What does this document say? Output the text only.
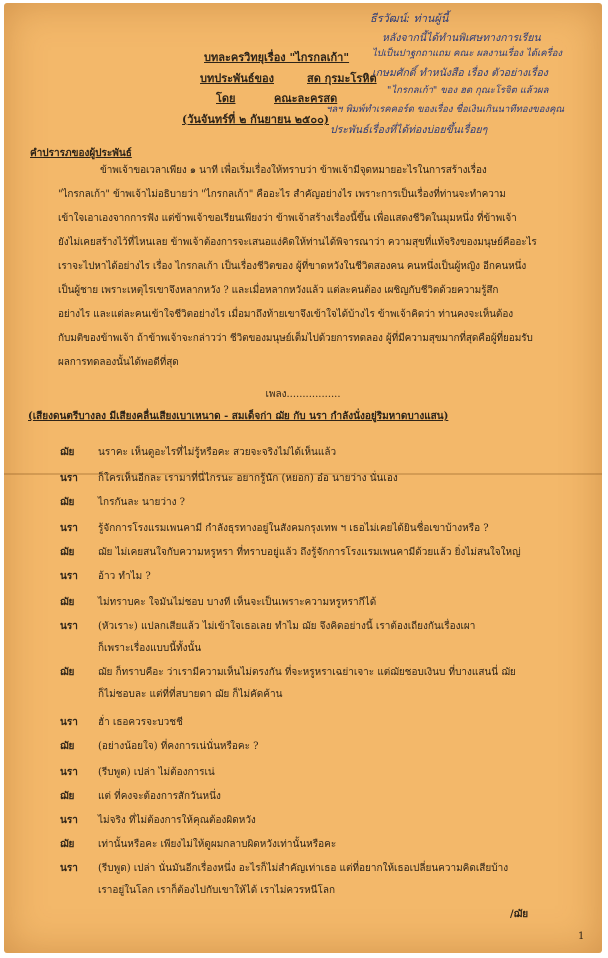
ธีรวัฒน์: ท่านผู้นี้
หลังจากนี้ได้ทำนพิเศษทางการเรียน
ไปเป็นปาฐกถาแถม คณะ ผลงานเรื่อง ได้เครื่อง
เกษมศักดิ์ ทำหนังสือ เรื่อง ตัวอย่างเรื่อง
"ไกรกลเก้า" ของ ฮด กุณะโรจิต แล้วผล
ฯลฯ พิมพ์ทำเรคคอร์ด ของเรื่อง ชื่อเงินเกินนาทีทองของคุณ
ประพันธ์เรื่องที่ได้ท่องบ่อยขึ้นเรื่อยๆ
บทละครวิทยุเรื่อง "ไกรกลเก้า"
บทประพันธ์ของ	สด กุรมะโรหิต
โดย	คณะละครสด
(วันจันทร์ที่ ๒ กันยายน ๒๕๐๐)
คำปรารภของผู้ประพันธ์
ข้าพเจ้าขอเวลาเพียง ๑ นาที เพื่อเริ่มเรื่องให้ทราบว่า ข้าพเจ้ามีจุดหมายอะไรในการสร้างเรื่อง
"ไกรกลเก้า" ข้าพเจ้าไม่อธิบายว่า "ไกรกลเก้า" คืออะไร สำคัญอย่างไร เพราะการเป็นเรื่องที่ท่านจะทำความ
เข้าใจเอาเองจากการฟัง แต่ข้าพเจ้าขอเรียนเพียงว่า ข้าพเจ้าสร้างเรื่องนี้ขึ้น เพื่อแสดงชีวิตในมุมหนึ่ง ที่ข้าพเจ้า
ยังไม่เคยสร้างไว้ที่ไหนเลย ข้าพเจ้าต้องการจะเสนอแง่คิดให้ท่านได้พิจารณาว่า ความสุขที่แท้จริงของมนุษย์คืออะไร
เราจะไปหาได้อย่างไร เรื่อง ไกรกลเก้า เป็นเรื่องชีวิตของ ผู้ที่ขาดหวังในชีวิตสองคน คนหนึ่งเป็นผู้หญิง อีกคนหนึ่ง
เป็นผู้ชาย เพราะเหตุไรเขาจึงหลากหวัง ? และเมื่อหลากหวังแล้ว แต่ละคนต้อง เผชิญกับชีวิตด้วยความรู้สึก
อย่างไร และแต่ละคนเข้าใจชีวิตอย่างไร เมื่อมาถึงท้ายเขาจึงเข้าใจได้บ้างไร ข้าพเจ้าคิดว่า ท่านคงจะเห็นต้อง
กับมติของข้าพเจ้า ถ้าข้าพเจ้าจะกล่าวว่า ชีวิตของมนุษย์เต็มไปด้วยการทดลอง ผู้ที่มีความสุขมากที่สุดคือผู้ที่ยอมรับ
ผลการทดลองนั้นได้พอดีที่สุด
เพลง.................
(เสียงดนตรีบางลง มีเสียงคลื่นเสียงเบาเหนาด - สมเด็จก่า ฌัย กับ นรา กำลังนั่งอยู่ริมหาดบางแสน)
ฌัย นราคะ เห็นดูอะไรที่ไม่รู้หรือคะ สวยจะจริงไม่ได้เห็นแล้ว
นรา ก็ใครเห็นอีกละ เรามาที่นี่ไกรนะ อยากรู้นัก (หยอก) อ๋อ นายว่าง นั่นเอง
ฌัย ไกรกันละ นายว่าง ?
นรา รู้จักการโรงแรมเพนคามี กำลังธุรทางอยู่ในสังคมกรุงเทพ ฯ เธอไม่เคยได้ยินชื่อเขาบ้างหรือ ?
ฌัย ฌัย ไม่เคยสนใจกับความหรูหรา ที่ทราบอยู่แล้ว ถึงรู้จักการโรงแรมเพนคามีด้วยแล้ว ยิ่งไม่สนใจใหญ่
นรา อ้าว ทำไม ?
ฌัย ไม่ทราบคะ ใจมันไม่ชอบ บางที เห็นจะเป็นเพราะความหรูหรากีได้
นรา (หัวเราะ) แปลกเสียแล้ว ไม่เข้าใจเธอเลย ทำไม ฌัย จึงคิดอย่างนี้ เราต้องเถียงกันเรื่องเผา
ก็เพราะเรื่องแบบนี้ทั้งนั้น
ฌัย ฌัย ก็ทราบคือะ ว่าเรามีความเห็นไม่ตรงกัน ที่จะหรูหราเฉย่าเจาะ แต่ฌัยชอบเงินบ ที่บางแสนนี่ ฌัย
ก็ไม่ชอบละ แต่ที่ที่สบายดา ฌัย ก็ไม่คัดค้าน
นรา ฮั่า เธอควรจะบวชชี
ฌัย (อย่างน้อยใจ) ที่คงการเน่นั่นหรือคะ ?
นรา (รีบพูด) เปล่า ไม่ต้องการเน่
ฌัย แต่ ที่คงจะต้องการสักวันหนึ่ง
นรา ไม่จริง ที่ไม่ต้องการให้คุณต้องผิดหวัง
ฌัย เท่านั้นหรือคะ เพียงไม่ให้ดูผมกลาบผิดหวังเท่านั้นหรือคะ
นรา (รีบพูด) เปล่า นั่นมันอีกเรื่องหนึ่ง อะไรก็ไม่สำคัญเท่าเธอ แต่ที่อยากให้เธอเปลี่ยนความคิดเสียบ้าง
เราอยู่ในโลก เราก็ต้องไปกับเขาให้ได้ เราไม่ควรหนีโลก
/ฌัย
1
